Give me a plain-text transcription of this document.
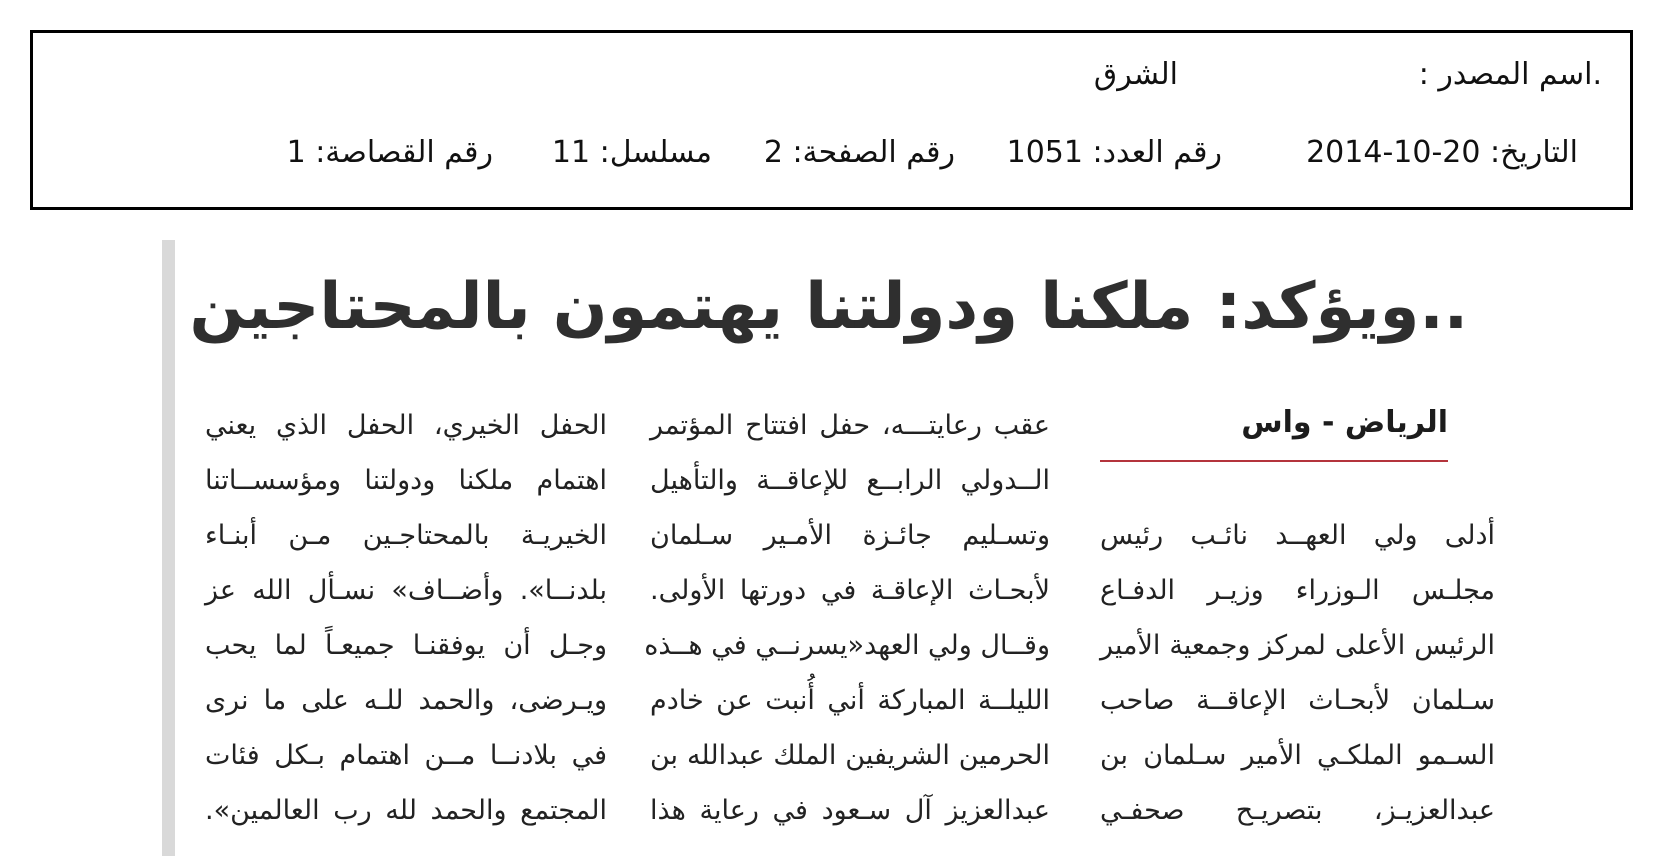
.اسم المصدر :
الشرق
التاريخ: 20-10-2014
رقم العدد: 1051
رقم الصفحة: 2
مسلسل: 11
رقم القصاصة: 1
..ويؤكد: ملكنا ودولتنا يهتمون بالمحتاجين
الرياض - واس
أدلى ولي العهــد نائـب رئيس
مجلـس الـوزراء وزيـر الدفـاع
الرئيس الأعلى لمركز وجمعية الأمير
سـلمان لأبحـاث الإعاقــة صاحب
السـمو الملكـي الأمير سـلمان بن
عبدالعزيـز، بتصريـح صحفـي
عقب رعايتـــه، حفل افتتاح المؤتمر
الــدولي الرابــع للإعاقــة والتأهيل
وتسـليم جائـزة الأمـير سـلمان
لأبحـاث الإعاقـة في دورتها الأولى.
وقــال ولي العهد«يسرنــي في هــذه
الليلــة المباركة أني أُنبت عن خادم
الحرمين الشريفين الملك عبدالله بن
عبدالعزيز آل سـعود في رعاية هذا
الحفل الخيري، الحفل الذي يعني
اهتمام ملكنا ودولتنا ومؤسســاتنا
الخيريـة بالمحتاجـين مـن أبنـاء
بلدنــا». وأضــاف» نسـأل الله عز
وجـل أن يوفقنـا جميعـاً لما يحب
ويـرضى، والحمد للـه على ما نرى
في بلادنــا مــن اهتمام بـكل فئات
المجتمع والحمد لله رب العالمين».
